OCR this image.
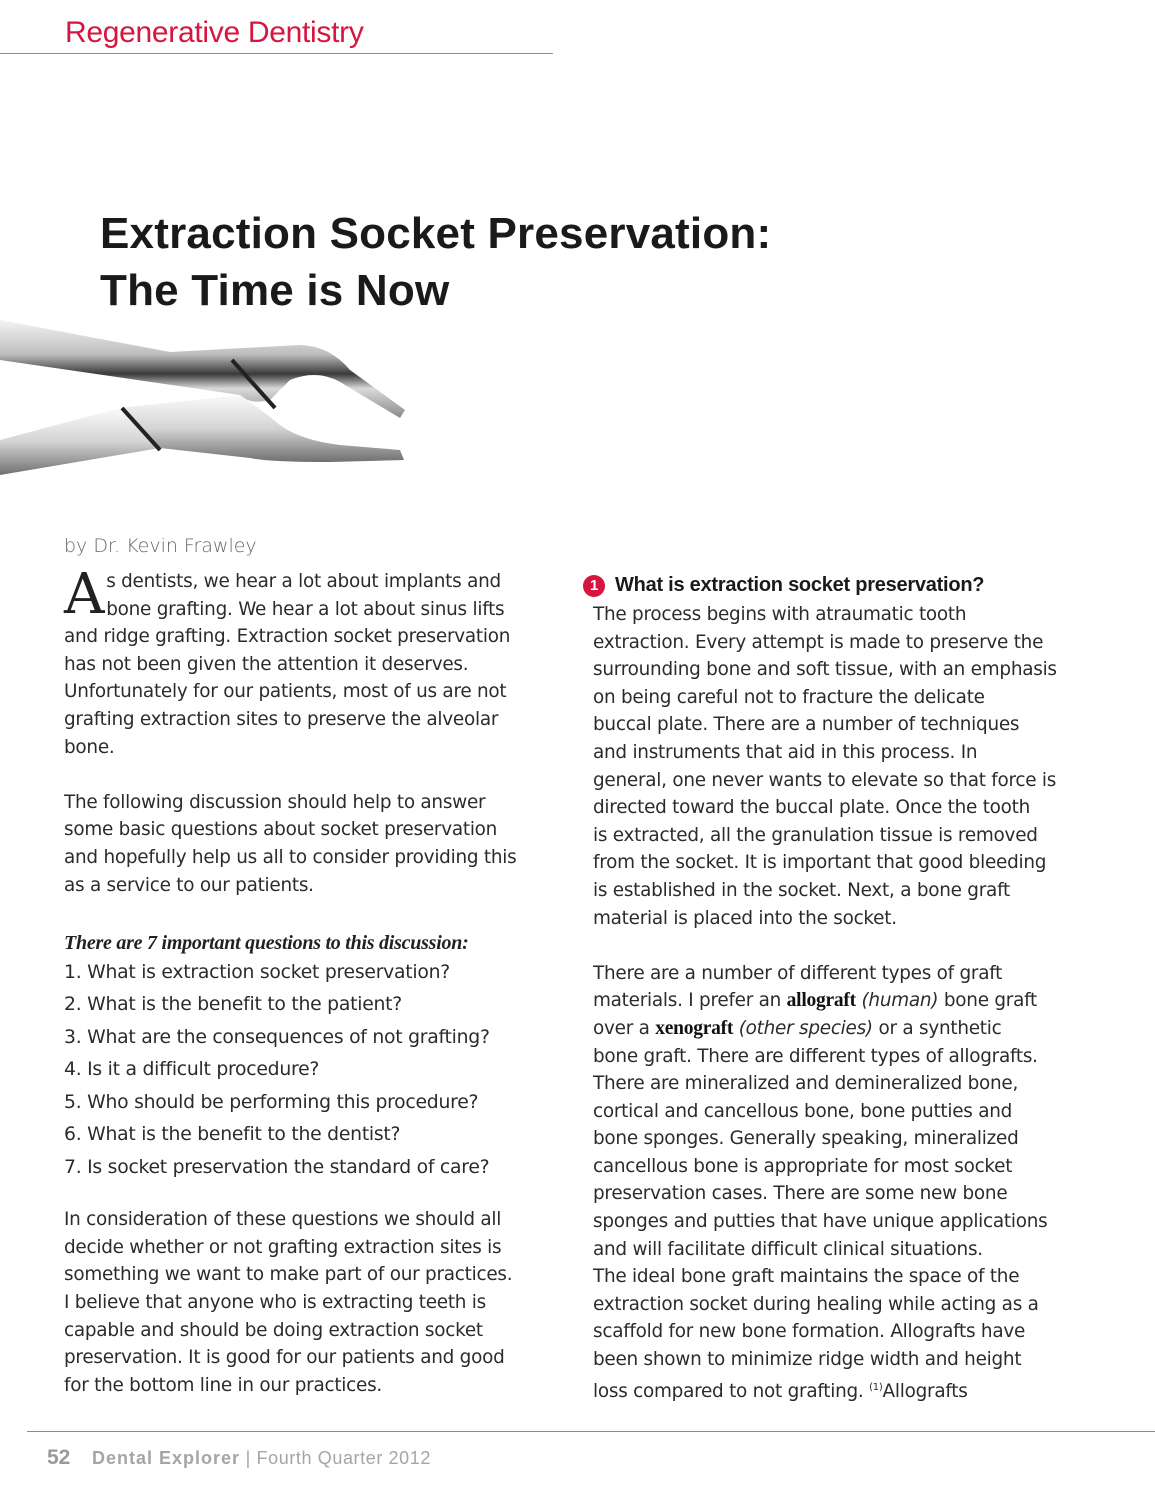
Regenerative Dentistry
Extraction Socket Preservation:
The Time is Now
by Dr. Kevin Frawley

A s dentists, we hear a lot about implants and
bone grafting. We hear a lot about sinus lifts
and ridge grafting. Extraction socket preservation
has not been given the attention it deserves.
Unfortunately for our patients, most of us are not
grafting extraction sites to preserve the alveolar
bone.

The following discussion should help to answer
some basic questions about socket preservation
and hopefully help us all to consider providing this
as a service to our patients.

There are 7 important questions to this discussion:
1. What is extraction socket preservation?
2. What is the benefit to the patient?
3. What are the consequences of not grafting?
4. Is it a difficult procedure?
5. Who should be performing this procedure?
6. What is the benefit to the dentist?
7. Is socket preservation the standard of care?

In consideration of these questions we should all
decide whether or not grafting extraction sites is
something we want to make part of our practices.
I believe that anyone who is extracting teeth is
capable and should be doing extraction socket
preservation. It is good for our patients and good
for the bottom line in our practices.

1 What is extraction socket preservation?

The process begins with atraumatic tooth
extraction. Every attempt is made to preserve the
surrounding bone and soft tissue, with an emphasis
on being careful not to fracture the delicate
buccal plate. There are a number of techniques
and instruments that aid in this process. In
general, one never wants to elevate so that force is
directed toward the buccal plate. Once the tooth
is extracted, all the granulation tissue is removed
from the socket. It is important that good bleeding
is established in the socket. Next, a bone graft
material is placed into the socket.

There are a number of different types of graft
materials. I prefer an allograft (human) bone graft
over a xenograft (other species) or a synthetic
bone graft. There are different types of allografts.
There are mineralized and demineralized bone,
cortical and cancellous bone, bone putties and
bone sponges. Generally speaking, mineralized
cancellous bone is appropriate for most socket
preservation cases. There are some new bone
sponges and putties that have unique applications
and will facilitate difficult clinical situations.
The ideal bone graft maintains the space of the
extraction socket during healing while acting as a
scaffold for new bone formation. Allografts have
been shown to minimize ridge width and height
loss compared to not grafting. $^{(1)}$Allografts

52 Dental Explorer | Fourth Quarter 2012
